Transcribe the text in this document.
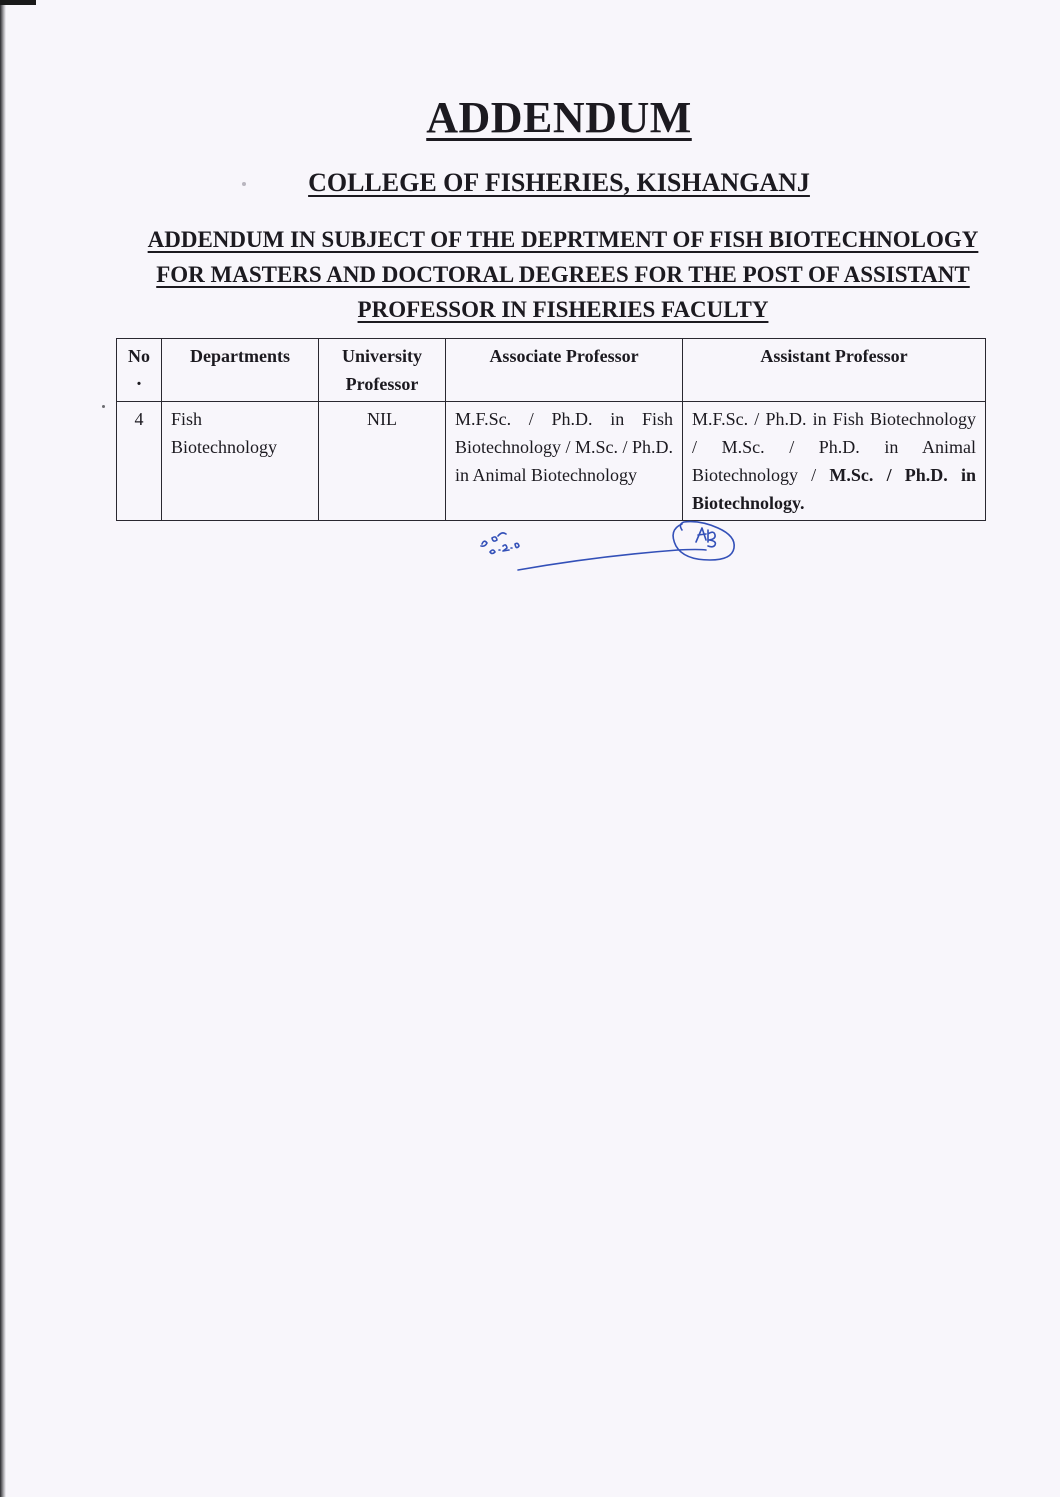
ADDENDUM
COLLEGE OF FISHERIES, KISHANGANJ
ADDENDUM IN SUBJECT OF THE DEPRTMENT OF FISH BIOTECHNOLOGY
FOR MASTERS AND DOCTORAL DEGREES FOR THE POST OF ASSISTANT
PROFESSOR IN FISHERIES FACULTY
No
.	Departments	University Professor	Associate Professor	Assistant Professor
4	Fish Biotechnology	NIL	M.F.Sc. / Ph.D. in Fish Biotechnology / M.Sc. / Ph.D. in Animal Biotechnology	M.F.Sc. / Ph.D. in Fish Biotechnology / M.Sc. / Ph.D. in Animal Biotechnology / M.Sc. / Ph.D. in Biotechnology.
